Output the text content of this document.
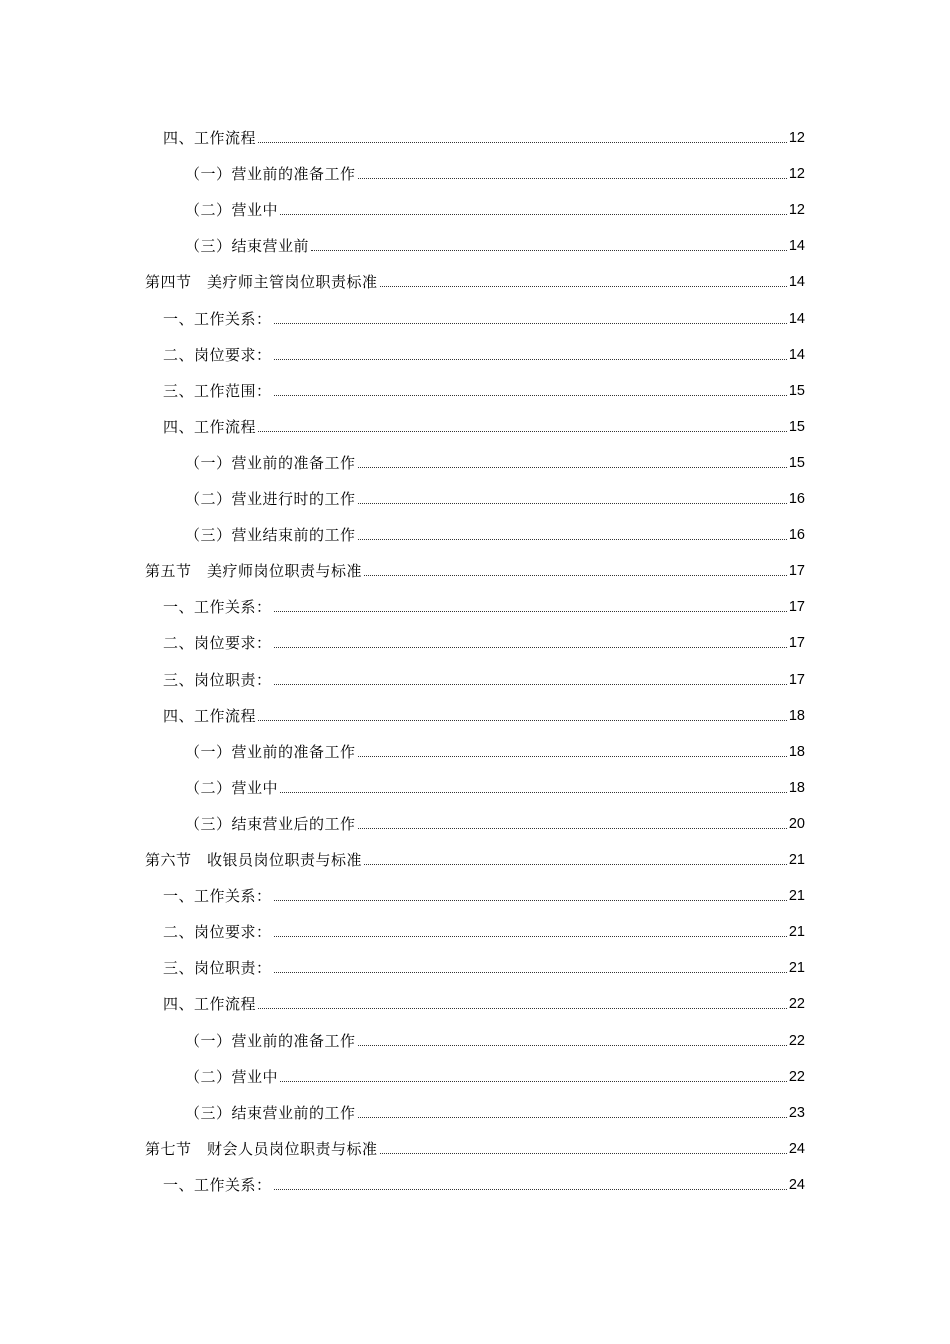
四、工作流程	12
（一）营业前的准备工作	12
（二）营业中	12
（三）结束营业前	14
第四节　美疗师主管岗位职责标准	14
一、工作关系：	14
二、岗位要求：	14
三、工作范围：	15
四、工作流程	15
（一）营业前的准备工作	15
（二）营业进行时的工作	16
（三）营业结束前的工作	16
第五节　美疗师岗位职责与标准	17
一、工作关系：	17
二、岗位要求：	17
三、岗位职责：	17
四、工作流程	18
（一）营业前的准备工作	18
（二）营业中	18
（三）结束营业后的工作	20
第六节　收银员岗位职责与标准	21
一、工作关系：	21
二、岗位要求：	21
三、岗位职责：	21
四、工作流程	22
（一）营业前的准备工作	22
（二）营业中	22
（三）结束营业前的工作	23
第七节　财会人员岗位职责与标准	24
一、工作关系：	24
